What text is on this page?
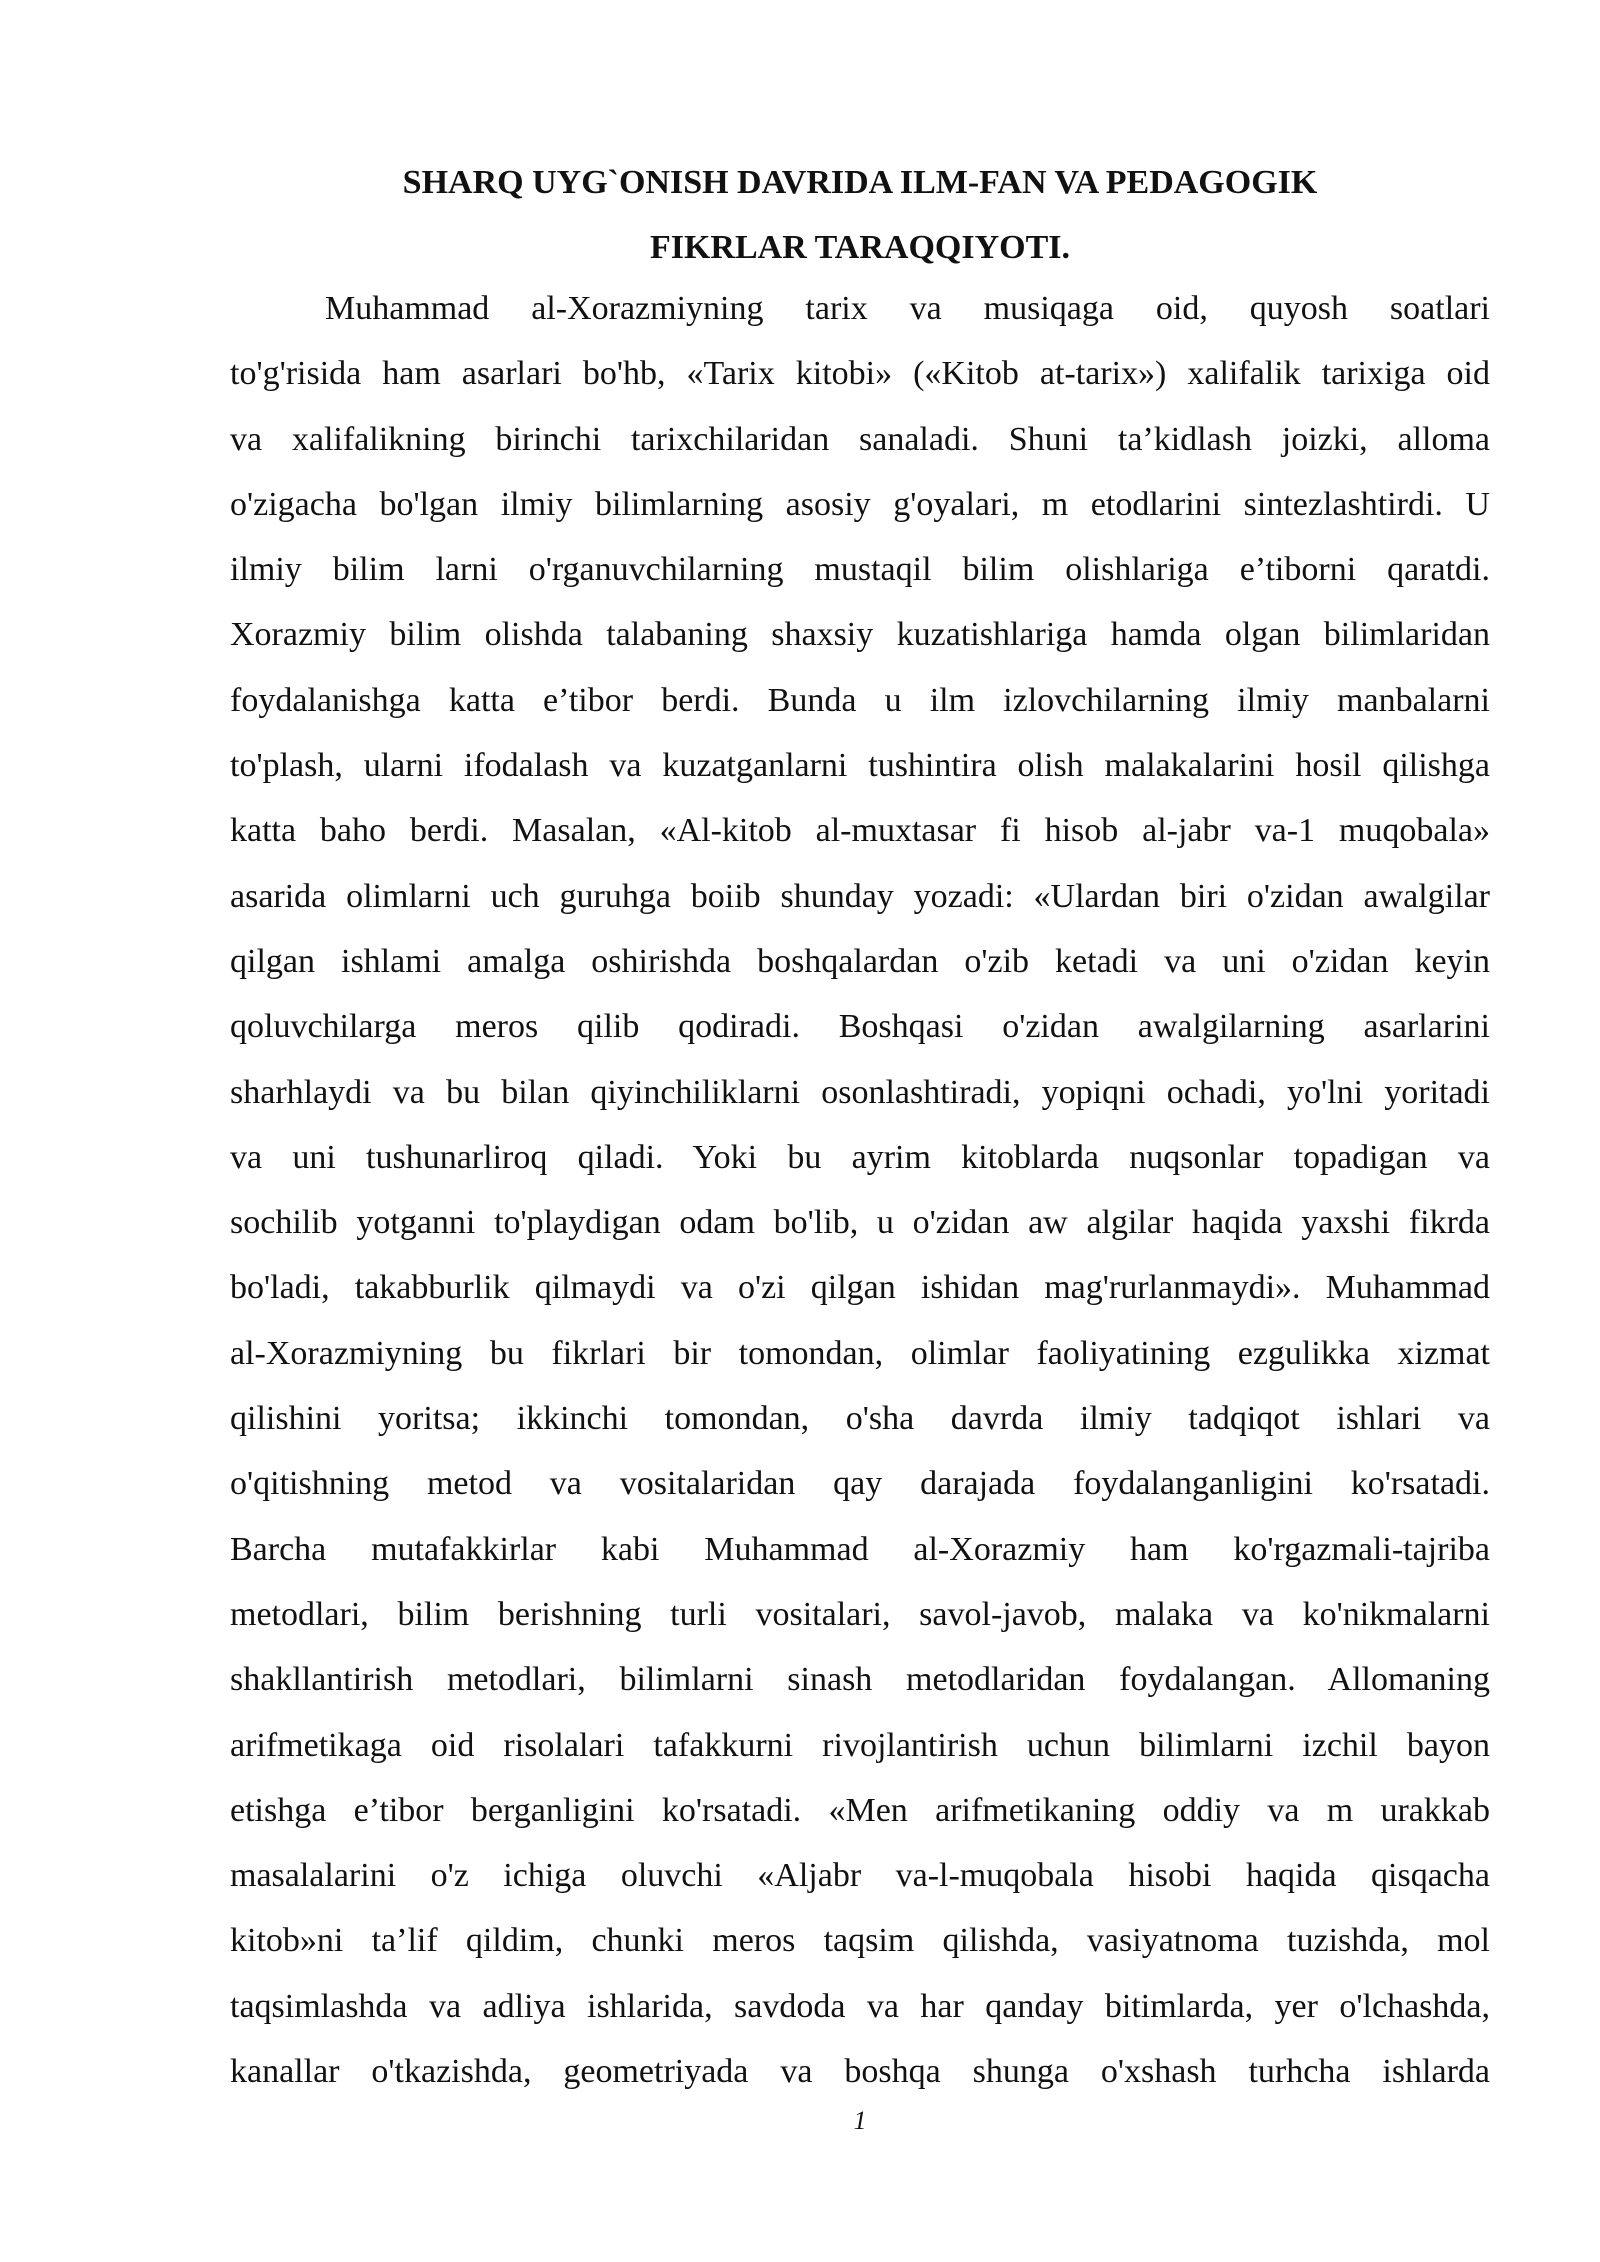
SHARQ UYG`ONISH DAVRIDA ILM-FAN VA PEDAGOGIK
FIKRLAR TARAQQIYOTI.
Muhammad al-Xorazmiyning tarix va musiqaga oid, quyosh soatlari
to'g'risida ham asarlari bo'hb, «Tarix kitobi» («Kitob at-tarix») xalifalik tarixiga oid
va xalifalikning birinchi tarixchilaridan sanaladi. Shuni ta’kidlash joizki, alloma
o'zigacha bo'lgan ilmiy bilimlarning asosiy g'oyalari, m etodlarini sintezlashtirdi. U
ilmiy bilim larni o'rganuvchilarning mustaqil bilim olishlariga e’tiborni qaratdi.
Xorazmiy bilim olishda talabaning shaxsiy kuzatishlariga hamda olgan bilimlaridan
foydalanishga katta e’tibor berdi. Bunda u ilm izlovchilarning ilmiy manbalarni
to'plash, ularni ifodalash va kuzatganlarni tushintira olish malakalarini hosil qilishga
katta baho berdi. Masalan, «Al-kitob al-muxtasar fi hisob al-jabr va-1 muqobala»
asarida olimlarni uch guruhga boiib shunday yozadi: «Ulardan biri o'zidan awalgilar
qilgan ishlami amalga oshirishda boshqalardan o'zib ketadi va uni o'zidan keyin
qoluvchilarga meros qilib qodiradi. Boshqasi o'zidan awalgilarning asarlarini
sharhlaydi va bu bilan qiyinchiliklarni osonlashtiradi, yopiqni ochadi, yo'lni yoritadi
va uni tushunarliroq qiladi. Yoki bu ayrim kitoblarda nuqsonlar topadigan va
sochilib yotganni to'playdigan odam bo'lib, u o'zidan aw algilar haqida yaxshi fikrda
bo'ladi, takabburlik qilmaydi va o'zi qilgan ishidan mag'rurlanmaydi». Muhammad
al-Xorazmiyning bu fikrlari bir tomondan, olimlar faoliyatining ezgulikka xizmat
qilishini yoritsa; ikkinchi tomondan, o'sha davrda ilmiy tadqiqot ishlari va
o'qitishning metod va vositalaridan qay darajada foydalanganligini ko'rsatadi.
Barcha mutafakkirlar kabi Muhammad al-Xorazmiy ham ko'rgazmali-tajriba
metodlari, bilim berishning turli vositalari, savol-javob, malaka va ko'nikmalarni
shakllantirish metodlari, bilimlarni sinash metodlaridan foydalangan. Allomaning
arifmetikaga oid risolalari tafakkurni rivojlantirish uchun bilimlarni izchil bayon
etishga e’tibor berganligini ko'rsatadi. «Men arifmetikaning oddiy va m urakkab
masalalarini o'z ichiga oluvchi «Aljabr va-l-muqobala hisobi haqida qisqacha
kitob»ni ta’lif qildim, chunki meros taqsim qilishda, vasiyatnoma tuzishda, mol
taqsimlashda va adliya ishlarida, savdoda va har qanday bitimlarda, yer o'lchashda,
kanallar o'tkazishda, geometriyada va boshqa shunga o'xshash turhcha ishlarda
1
